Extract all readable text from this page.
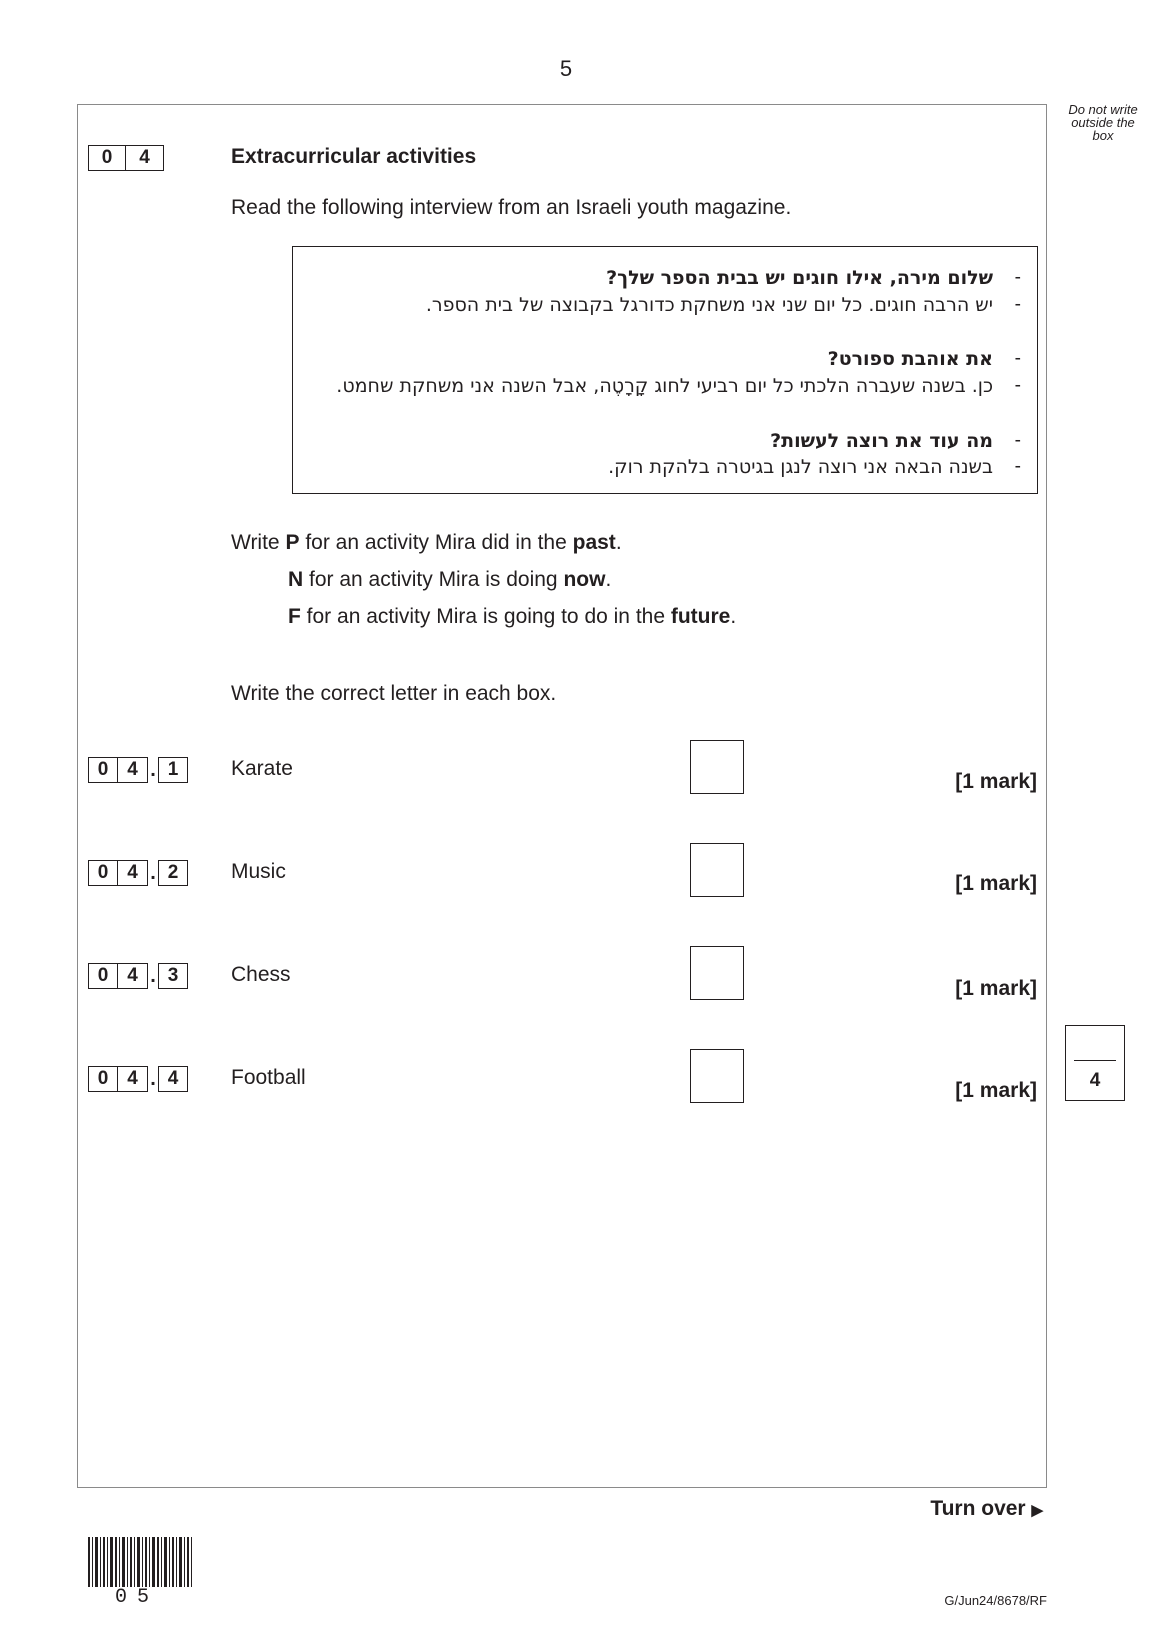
5
Do not write outside the box
0	4	Extracurricular activities
Read the following interview from an Israeli youth magazine.
שלום מירה, אילו חוגים יש בבית הספר שלך? -
יש הרבה חוגים. כל יום שני אני משחקת כדורגל בקבוצה של בית הספר. -
את אוהבת ספורט? -
כן. בשנה שעברה הלכתי כל יום רביעי לחוג קָרָטֶה, אבל השנה אני משחקת שחמט. -
מה עוד את רוצה לעשות? -
בשנה הבאה אני רוצה לנגן בגיטרה בלהקת רוק. -
Write P for an activity Mira did in the past.
N for an activity Mira is doing now.
F for an activity Mira is going to do in the future.
Write the correct letter in each box.
0 4 . 1	Karate
[1 mark]
0 4 . 2	Music
[1 mark]
0 4 . 3	Chess
[1 mark]
0 4 . 4	Football
[1 mark]	4
Turn over ▶
05	G/Jun24/8678/RF
